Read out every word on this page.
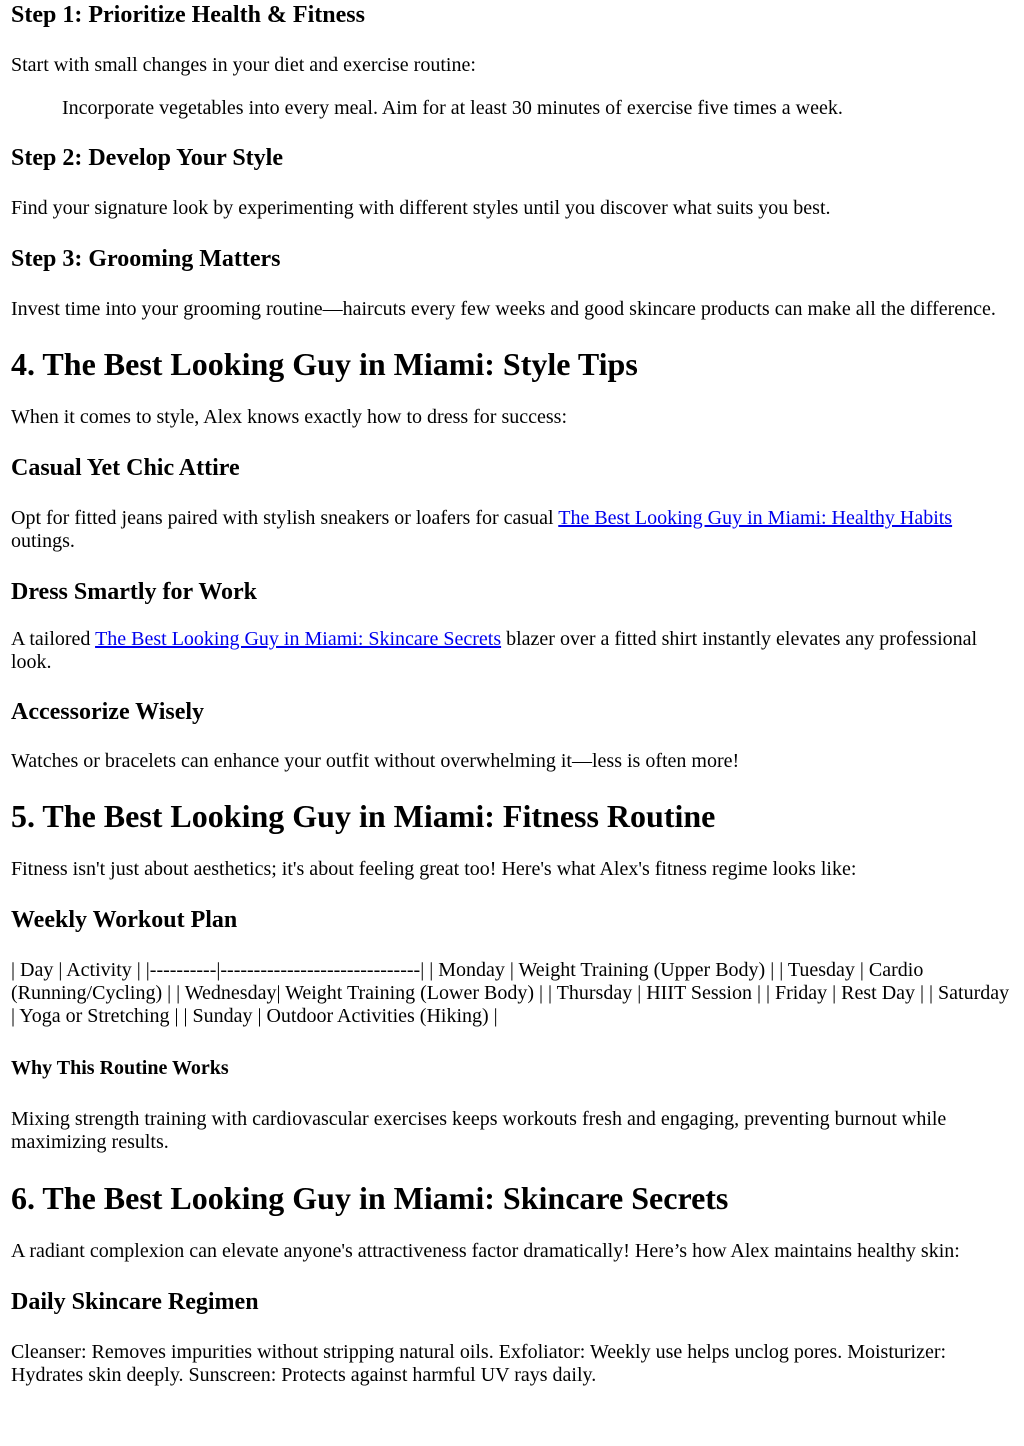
Step 1: Prioritize Health & Fitness

Start with small changes in your diet and exercise routine:

Incorporate vegetables into every meal. Aim for at least 30 minutes of exercise five times a week.
Step 2: Develop Your Style

Find your signature look by experimenting with different styles until you discover what suits you best.

Step 3: Grooming Matters

Invest time into your grooming routine—haircuts every few weeks and good skincare products can make all the difference.

4. The Best Looking Guy in Miami: Style Tips

When it comes to style, Alex knows exactly how to dress for success:

Casual Yet Chic Attire

Opt for fitted jeans paired with stylish sneakers or loafers for casual The Best Looking Guy in Miami: Healthy Habits outings.

Dress Smartly for Work

A tailored The Best Looking Guy in Miami: Skincare Secrets blazer over a fitted shirt instantly elevates any professional look.

Accessorize Wisely

Watches or bracelets can enhance your outfit without overwhelming it—less is often more!

5. The Best Looking Guy in Miami: Fitness Routine

Fitness isn't just about aesthetics; it's about feeling great too! Here's what Alex's fitness regime looks like:

Weekly Workout Plan

| Day | Activity | |----------|------------------------------| | Monday | Weight Training (Upper Body) | | Tuesday | Cardio (Running/Cycling) | | Wednesday| Weight Training (Lower Body) | | Thursday | HIIT Session | | Friday | Rest Day | | Saturday | Yoga or Stretching | | Sunday | Outdoor Activities (Hiking) |

Why This Routine Works

Mixing strength training with cardiovascular exercises keeps workouts fresh and engaging, preventing burnout while maximizing results.

6. The Best Looking Guy in Miami: Skincare Secrets

A radiant complexion can elevate anyone's attractiveness factor dramatically! Here’s how Alex maintains healthy skin:

Daily Skincare Regimen

Cleanser: Removes impurities without stripping natural oils. Exfoliator: Weekly use helps unclog pores. Moisturizer: Hydrates skin deeply. Sunscreen: Protects against harmful UV rays daily.
